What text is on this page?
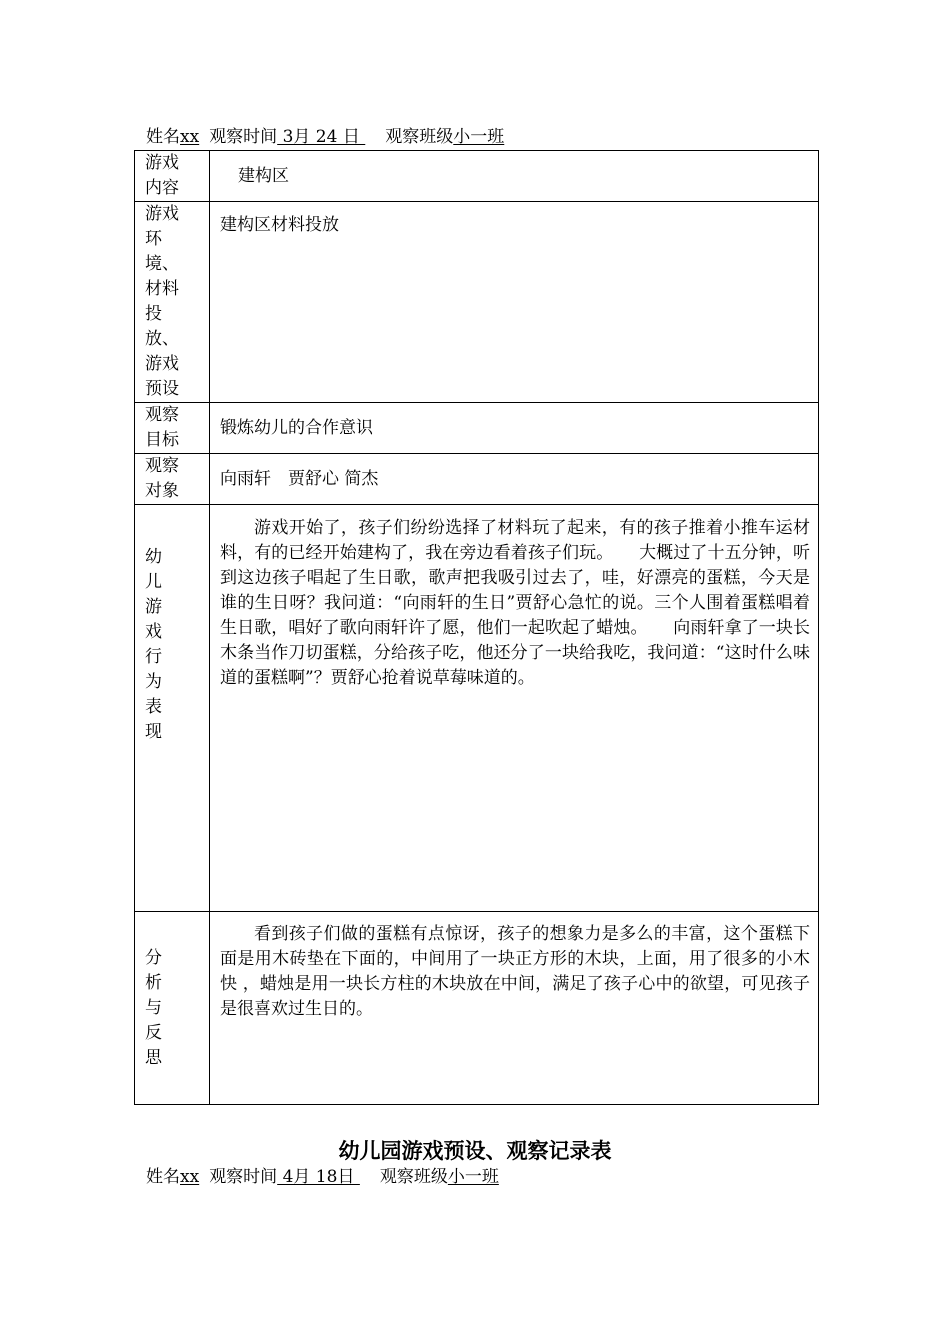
姓名xx 观察时间 3月 24 日 观察班级小一班
游戏内容	建构区

游戏环境、材料投放、游戏预设	建构区材料投放

观察目标	锻炼幼儿的合作意识

观察对象	向雨轩　贾舒心 简杰

幼儿游戏行为表现	游戏开始了，孩子们纷纷选择了材料玩了起来，有的孩子推着小推车运材料，有的已经开始建构了，我在旁边看着孩子们玩。　　大概过了十五分钟，听到这边孩子唱起了生日歌，歌声把我吸引过去了，哇，好漂亮的蛋糕，今天是谁的生日呀？我问道：“向雨轩的生日”贾舒心急忙的说。三个人围着蛋糕唱着生日歌，唱好了歌向雨轩许了愿，他们一起吹起了蜡烛。　　向雨轩拿了一块长木条当作刀切蛋糕，分给孩子吃，他还分了一块给我吃，我问道：“这时什么味道的蛋糕啊”？贾舒心抢着说草莓味道的。

分析与反思	看到孩子们做的蛋糕有点惊讶，孩子的想象力是多么的丰富，这个蛋糕下面是用木砖垫在下面的，中间用了一块正方形的木块，上面，用了很多的小木快 ，蜡烛是用一块长方柱的木块放在中间，满足了孩子心中的欲望，可见孩子是很喜欢过生日的。

幼儿园游戏预设、观察记录表
姓名xx 观察时间 4月 18日 观察班级小一班
